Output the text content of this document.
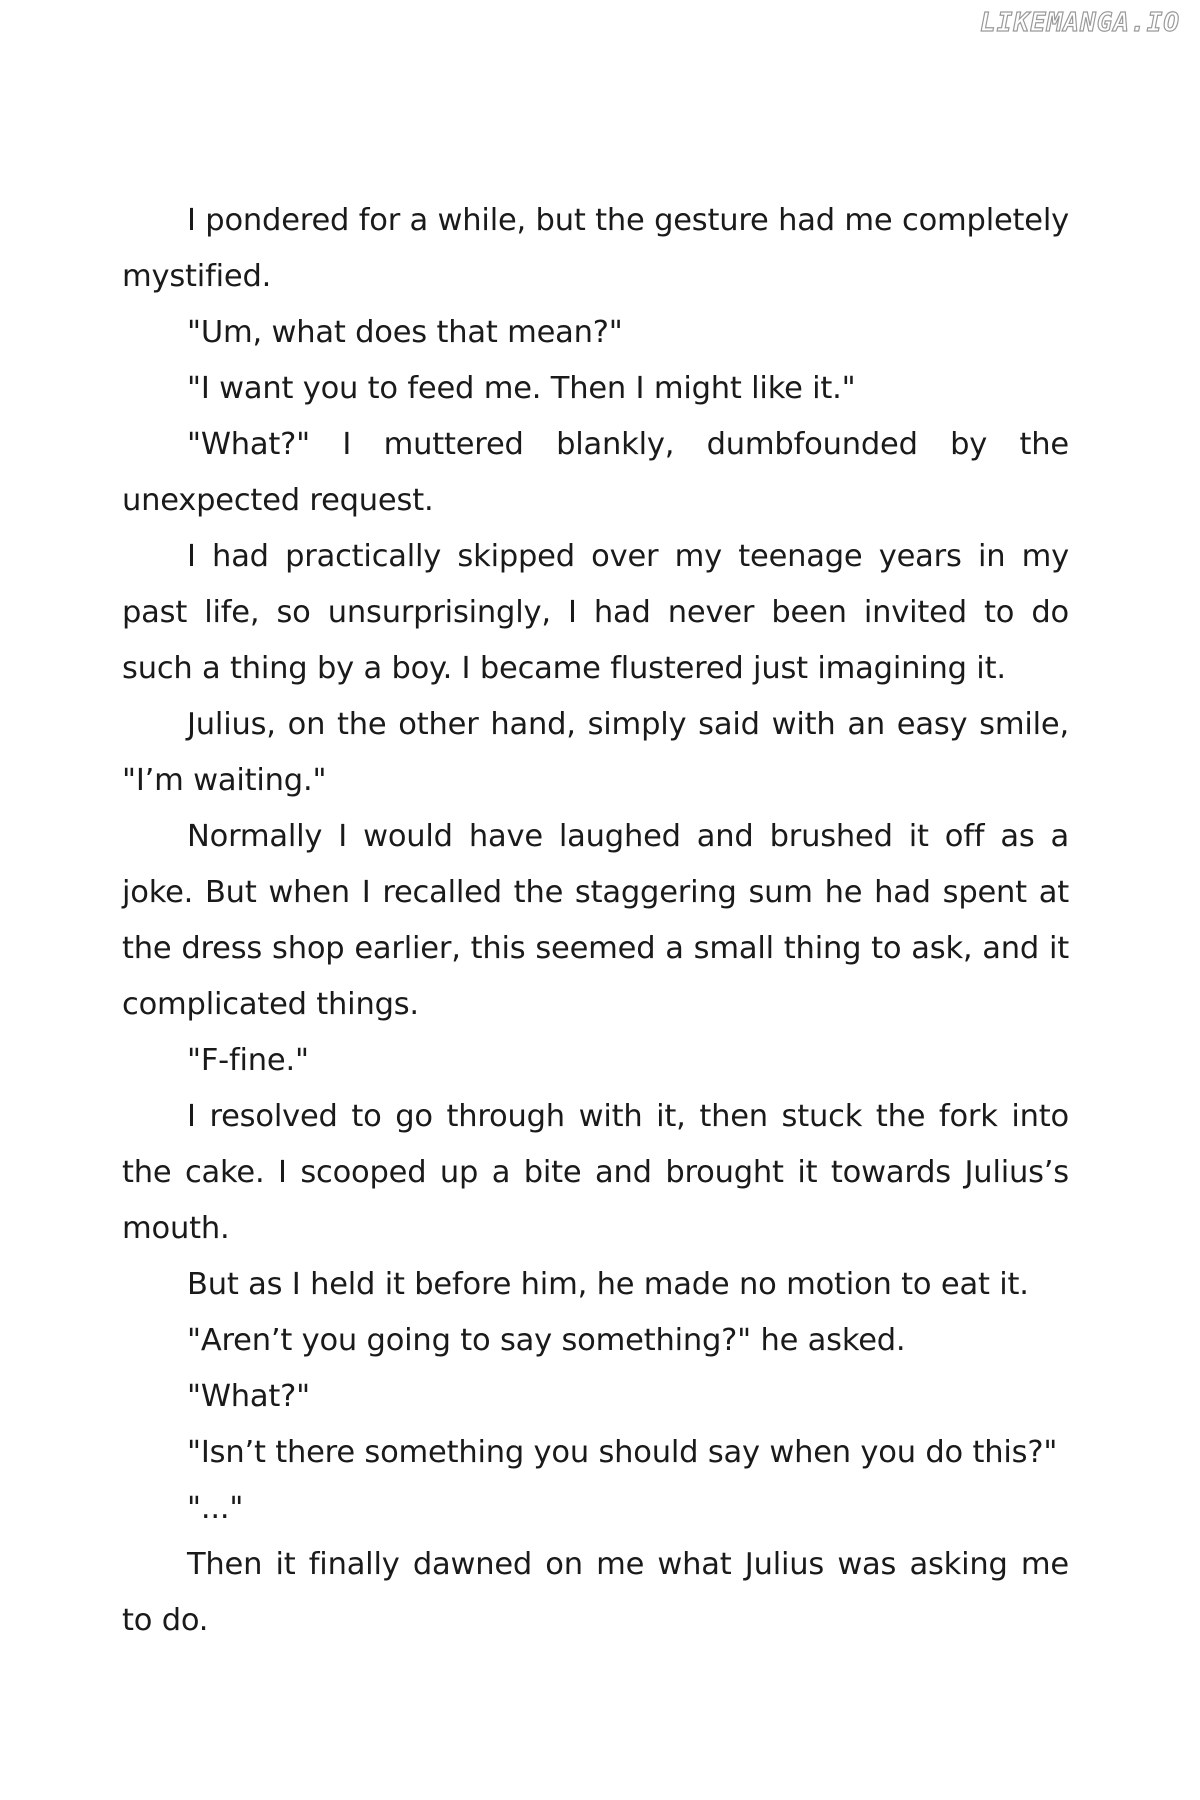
LIKEMANGA.IO

I pondered for a while, but the gesture had me completely mystified.

"Um, what does that mean?"

"I want you to feed me. Then I might like it."

"What?" I muttered blankly, dumbfounded by the unexpected request.

I had practically skipped over my teenage years in my past life, so unsurprisingly, I had never been invited to do such a thing by a boy. I became flustered just imagining it.

Julius, on the other hand, simply said with an easy smile, "I’m waiting."

Normally I would have laughed and brushed it off as a joke. But when I recalled the staggering sum he had spent at the dress shop earlier, this seemed a small thing to ask, and it complicated things.

"F-fine."

I resolved to go through with it, then stuck the fork into the cake. I scooped up a bite and brought it towards Julius’s mouth.

But as I held it before him, he made no motion to eat it.

"Aren’t you going to say something?" he asked.

"What?"

"Isn’t there something you should say when you do this?"

"..."

Then it finally dawned on me what Julius was asking me to do.
